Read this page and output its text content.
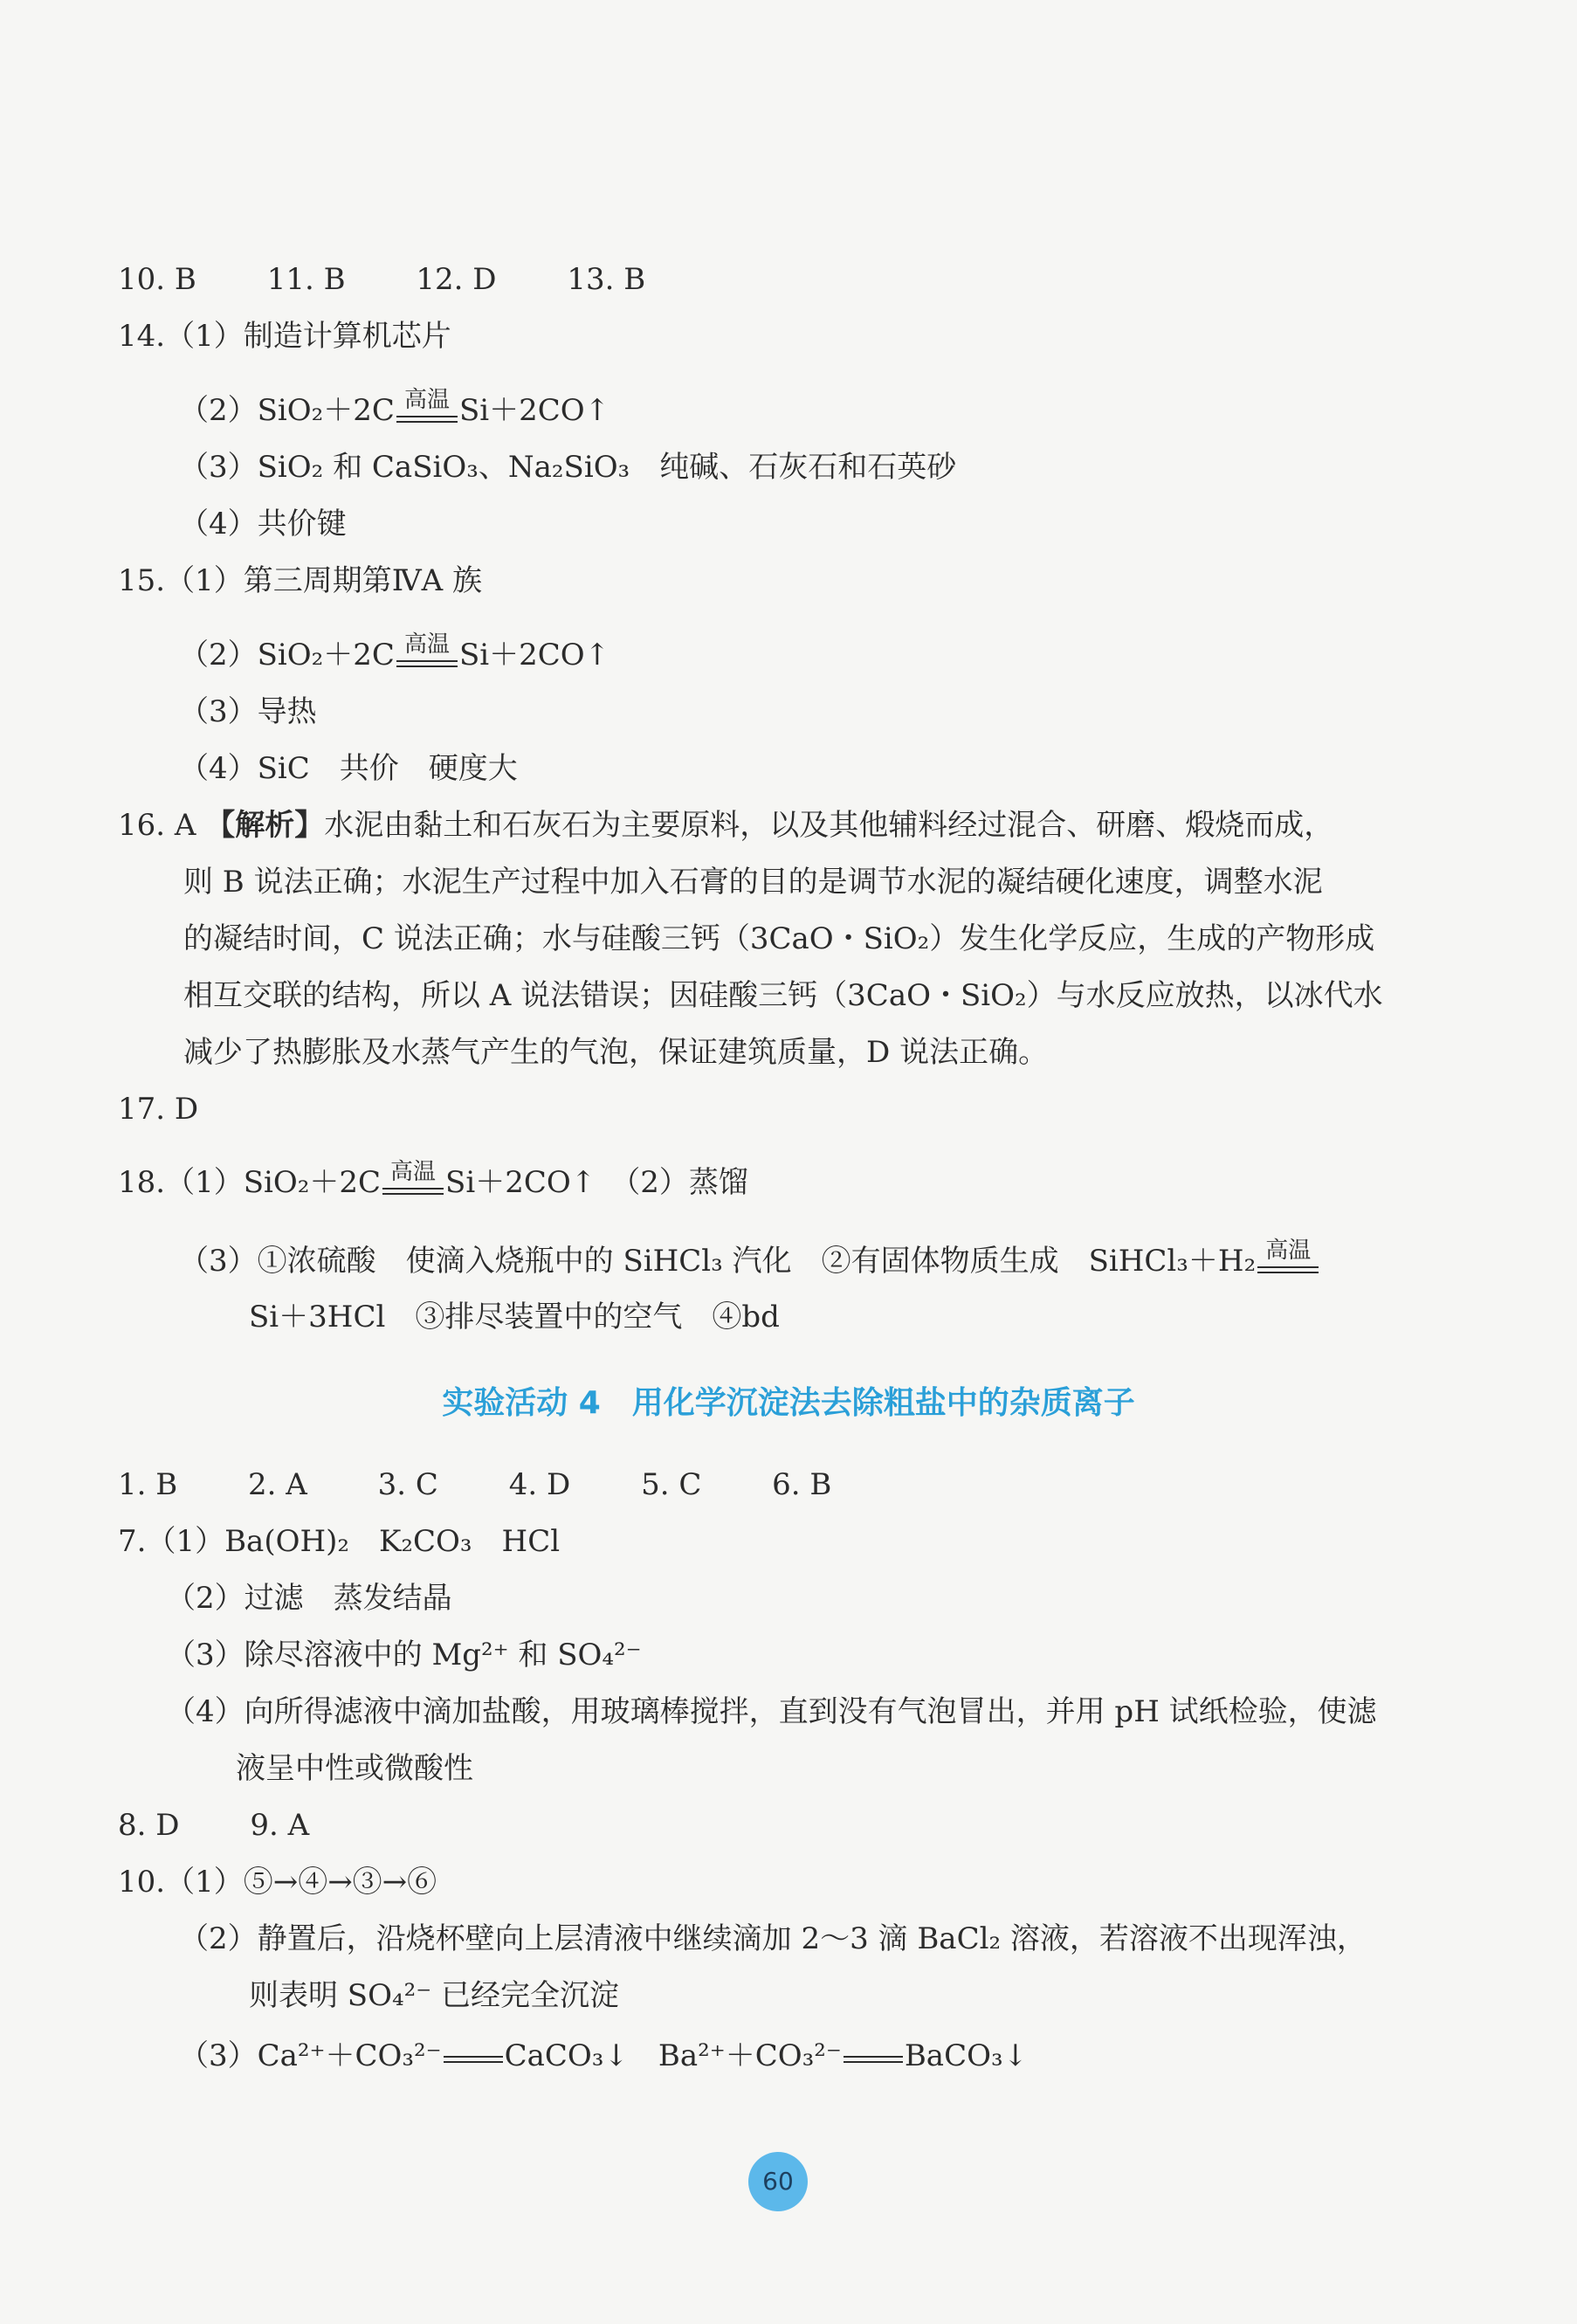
10. B 11. B 12. D 13. B
14.（1）制造计算机芯片
（2）SiO₂＋2C 高温 Si＋2CO↑
（3）SiO₂ 和 CaSiO₃、Na₂SiO₃　纯碱、石灰石和石英砂
（4）共价键
15.（1）第三周期第ⅣA 族
（2）SiO₂＋2C 高温 Si＋2CO↑
（3）导热
（4）SiC　共价　硬度大
16. A 【解析】水泥由黏土和石灰石为主要原料，以及其他辅料经过混合、研磨、煅烧而成，
则 B 说法正确；水泥生产过程中加入石膏的目的是调节水泥的凝结硬化速度，调整水泥
的凝结时间，C 说法正确；水与硅酸三钙（3CaO・SiO₂）发生化学反应，生成的产物形成
相互交联的结构，所以 A 说法错误；因硅酸三钙（3CaO・SiO₂）与水反应放热，以冰代水
减少了热膨胀及水蒸气产生的气泡，保证建筑质量，D 说法正确。
17. D
18.（1）SiO₂＋2C 高温 Si＋2CO↑　（2）蒸馏
（3）①浓硫酸　使滴入烧瓶中的 SiHCl₃ 汽化　②有固体物质生成　SiHCl₃＋H₂ 高温
Si＋3HCl　③排尽装置中的空气　④bd
实验活动 4　用化学沉淀法去除粗盐中的杂质离子
1. B 2. A 3. C 4. D 5. C 6. B
7.（1）Ba(OH)₂　K₂CO₃　HCl
（2）过滤　蒸发结晶
（3）除尽溶液中的 Mg²⁺ 和 SO₄²⁻
（4）向所得滤液中滴加盐酸，用玻璃棒搅拌，直到没有气泡冒出，并用 pH 试纸检验，使滤
液呈中性或微酸性
8. D 9. A
10.（1）⑤→④→③→⑥
（2）静置后，沿烧杯壁向上层清液中继续滴加 2～3 滴 BaCl₂ 溶液，若溶液不出现浑浊，
则表明 SO₄²⁻ 已经完全沉淀
（3）Ca²⁺＋CO₃²⁻ CaCO₃↓　Ba²⁺＋CO₃²⁻ BaCO₃↓
60
